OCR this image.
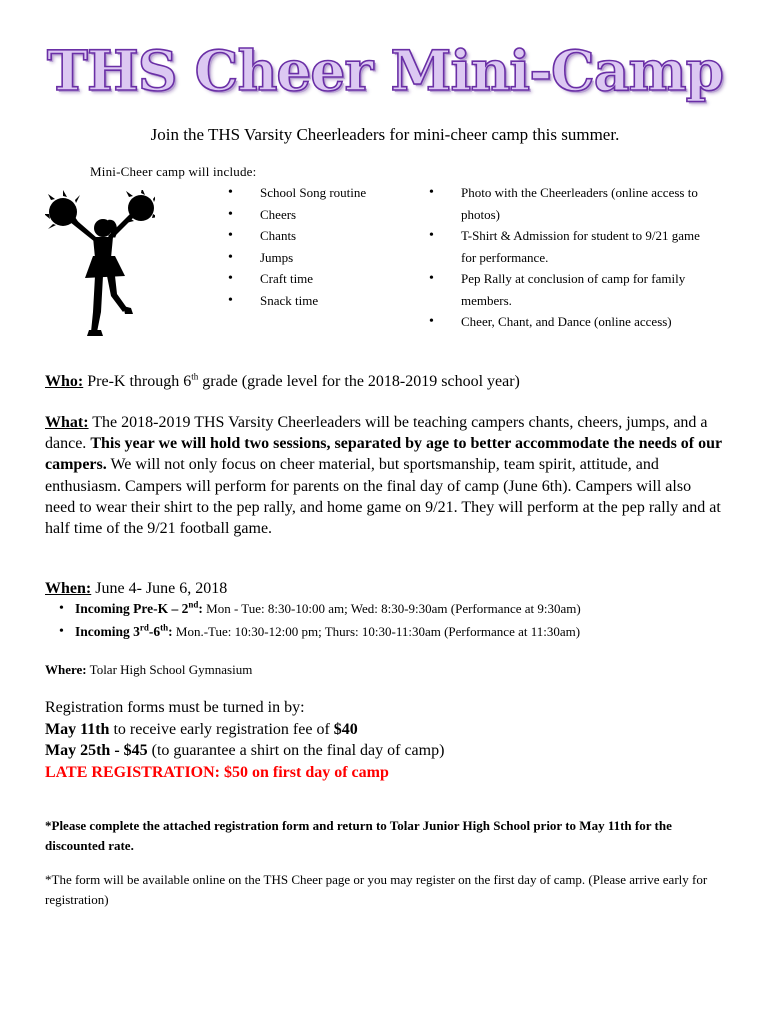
THS Cheer Mini-Camp
Join the THS Varsity Cheerleaders for mini-cheer camp this summer.
Mini-Cheer camp will include:
• School Song routine
• Cheers
• Chants
• Jumps
• Craft time
• Snack time
• Photo with the Cheerleaders (online access to photos)
• T-Shirt & Admission for student to 9/21 game for performance.
• Pep Rally at conclusion of camp for family members.
• Cheer, Chant, and Dance (online access)
Who: Pre-K through 6th grade (grade level for the 2018-2019 school year)
What: The 2018-2019 THS Varsity Cheerleaders will be teaching campers chants, cheers, jumps, and a dance. This year we will hold two sessions, separated by age to better accommodate the needs of our campers. We will not only focus on cheer material, but sportsmanship, team spirit, attitude, and enthusiasm. Campers will perform for parents on the final day of camp (June 6th). Campers will also need to wear their shirt to the pep rally, and home game on 9/21. They will perform at the pep rally and at half time of the 9/21 football game.
When: June 4- June 6, 2018
• Incoming Pre-K – 2nd: Mon - Tue: 8:30-10:00 am; Wed: 8:30-9:30am (Performance at 9:30am)
• Incoming 3rd-6th: Mon.-Tue: 10:30-12:00 pm; Thurs: 10:30-11:30am (Performance at 11:30am)
Where: Tolar High School Gymnasium
Registration forms must be turned in by:
May 11th to receive early registration fee of $40
May 25th - $45 (to guarantee a shirt on the final day of camp)
LATE REGISTRATION: $50 on first day of camp
*Please complete the attached registration form and return to Tolar Junior High School prior to May 11th for the discounted rate.
*The form will be available online on the THS Cheer page or you may register on the first day of camp. (Please arrive early for registration)
